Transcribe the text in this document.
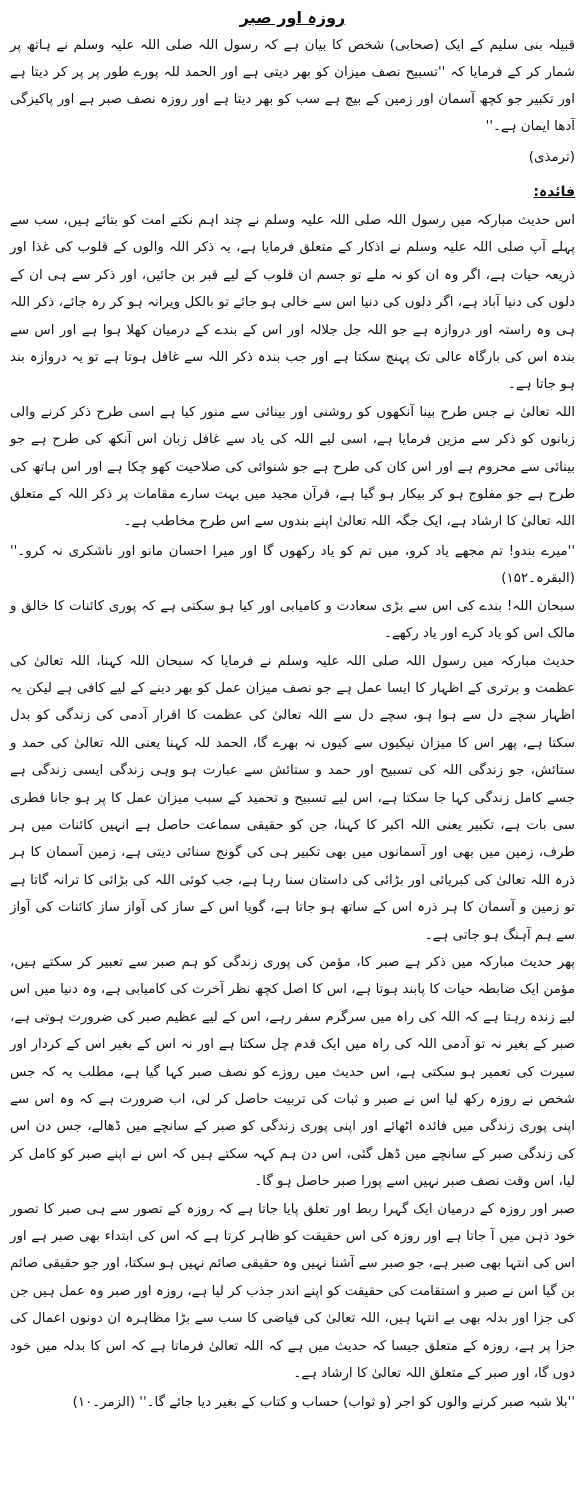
روزہ اور صبر

قبیلہ بنی سلیم کے ایک (صحابی) شخص کا بیان ہے کہ رسول اللہ صلی اللہ علیہ وسلم نے ہاتھ پر شمار کر کے فرمایا کہ ''تسبیح نصف میزان کو بھر دیتی ہے اور الحمد للہ پورے طور پر پر کر دیتا ہے اور تکبیر جو کچھ آسمان اور زمین کے بیچ ہے سب کو بھر دیتا ہے اور روزہ نصف صبر ہے اور پاکیزگی آدھا ایمان ہے۔''

(ترمذی)

فائدہ:

اس حدیث مبارکہ میں رسول اللہ صلی اللہ علیہ وسلم نے چند اہم نکتے امت کو بتائے ہیں، سب سے پہلے آپ صلی اللہ علیہ وسلم نے اذکار کے متعلق فرمایا ہے، یہ ذکر اللہ والوں کے قلوب کی غذا اور ذریعہ حیات ہے، اگر وہ ان کو نہ ملے تو جسم ان قلوب کے لیے قبر بن جائیں، اور ذکر سے ہی ان کے دلوں کی دنیا آباد ہے، اگر دلوں کی دنیا اس سے خالی ہو جائے تو بالکل ویرانہ ہو کر رہ جائے، ذکر اللہ ہی وہ راستہ اور دروازہ ہے جو اللہ جل جلالہ اور اس کے بندے کے درمیان کھلا ہوا ہے اور اس سے بندہ اس کی بارگاہ عالی تک پہنچ سکتا ہے اور جب بندہ ذکر اللہ سے غافل ہوتا ہے تو یہ دروازہ بند ہو جاتا ہے۔

اللہ تعالیٰ نے جس طرح بینا آنکھوں کو روشنی اور بینائی سے منور کیا ہے اسی طرح ذکر کرنے والی زبانوں کو ذکر سے مزین فرمایا ہے، اسی لیے اللہ کی یاد سے غافل زبان اس آنکھ کی طرح ہے جو بینائی سے محروم ہے اور اس کان کی طرح ہے جو شنوائی کی صلاحیت کھو چکا ہے اور اس ہاتھ کی طرح ہے جو مفلوج ہو کر بیکار ہو گیا ہے، قرآن مجید میں بہت سارے مقامات پر ذکر اللہ کے متعلق اللہ تعالیٰ کا ارشاد ہے، ایک جگہ اللہ تعالیٰ اپنے بندوں سے اس طرح مخاطب ہے۔

''میرے بندو! تم مجھے یاد کرو، میں تم کو یاد رکھوں گا اور میرا احسان مانو اور ناشکری نہ کرو۔'' (البقرہ۔۱۵۲)

سبحان اللہ! بندے کی اس سے بڑی سعادت و کامیابی اور کیا ہو سکتی ہے کہ پوری کائنات کا خالق و مالک اس کو یاد کرے اور یاد رکھے۔

حدیث مبارکہ میں رسول اللہ صلی اللہ علیہ وسلم نے فرمایا کہ سبحان اللہ کہنا، اللہ تعالیٰ کی عظمت و برتری کے اظہار کا ایسا عمل ہے جو نصف میزان عمل کو بھر دینے کے لیے کافی ہے لیکن یہ اظہار سچے دل سے ہوا ہو، سچے دل سے اللہ تعالیٰ کی عظمت کا اقرار آدمی کی زندگی کو بدل سکتا ہے، پھر اس کا میزان نیکیوں سے کیوں نہ بھرے گا، الحمد للہ کہنا یعنی اللہ تعالیٰ کی حمد و ستائش، جو زندگی اللہ کی تسبیح اور حمد و ستائش سے عبارت ہو وہی زندگی ایسی زندگی ہے جسے کامل زندگی کہا جا سکتا ہے، اس لیے تسبیح و تحمید کے سبب میزان عمل کا پر ہو جانا فطری سی بات ہے، تکبیر یعنی اللہ اکبر کا کہنا، جن کو حقیقی سماعت حاصل ہے انہیں کائنات میں ہر طرف، زمین میں بھی اور آسمانوں میں بھی تکبیر ہی کی گونج سنائی دیتی ہے، زمین آسمان کا ہر ذرہ اللہ تعالیٰ کی کبریائی اور بڑائی کی داستان سنا رہا ہے، جب کوئی اللہ کی بڑائی کا ترانہ گاتا ہے تو زمین و آسمان کا ہر ذرہ اس کے ساتھ ہو جاتا ہے، گویا اس کے ساز کی آواز ساز کائنات کی آواز سے ہم آہنگ ہو جاتی ہے۔

پھر حدیث مبارکہ میں ذکر ہے صبر کا، مؤمن کی پوری زندگی کو ہم صبر سے تعبیر کر سکتے ہیں، مؤمن ایک ضابطہ حیات کا پابند ہوتا ہے، اس کا اصل کچھ نظر آخرت کی کامیابی ہے، وہ دنیا میں اس لیے زندہ رہتا ہے کہ اللہ کی راہ میں سرگرم سفر رہے، اس کے لیے عظیم صبر کی ضرورت ہوتی ہے، صبر کے بغیر نہ تو آدمی اللہ کی راہ میں ایک قدم چل سکتا ہے اور نہ اس کے بغیر اس کے کردار اور سیرت کی تعمیر ہو سکتی ہے، اس حدیث میں روزے کو نصف صبر کہا گیا ہے، مطلب یہ کہ جس شخص نے روزہ رکھ لیا اس نے صبر و ثبات کی تربیت حاصل کر لی، اب ضرورت ہے کہ وہ اس سے اپنی پوری زندگی میں فائدہ اٹھائے اور اپنی پوری زندگی کو صبر کے سانچے میں ڈھالے، جس دن اس کی زندگی صبر کے سانچے میں ڈھل گئی، اس دن ہم کہہ سکتے ہیں کہ اس نے اپنے صبر کو کامل کر لیا، اس وقت نصف صبر نہیں اسے پورا صبر حاصل ہو گا۔

صبر اور روزہ کے درمیان ایک گہرا ربط اور تعلق پایا جاتا ہے کہ روزہ کے تصور سے ہی صبر کا تصور خود ذہن میں آ جاتا ہے اور روزہ کی اس حقیقت کو ظاہر کرتا ہے کہ اس کی ابتداء بھی صبر ہے اور اس کی انتہا بھی صبر ہے، جو صبر سے آشنا نہیں وہ حقیقی صائم نہیں ہو سکتا، اور جو حقیقی صائم بن گیا اس نے صبر و استقامت کی حقیقت کو اپنے اندر جذب کر لیا ہے، روزہ اور صبر وہ عمل ہیں جن کی جزا اور بدلہ بھی بے انتہا ہیں، اللہ تعالیٰ کی فیاضی کا سب سے بڑا مظاہرہ ان دونوں اعمال کی جزا پر ہے، روزہ کے متعلق جیسا کہ حدیث میں ہے کہ اللہ تعالیٰ فرماتا ہے کہ اس کا بدلہ میں خود دوں گا، اور صبر کے متعلق اللہ تعالیٰ کا ارشاد ہے۔

''بلا شبہ صبر کرنے والوں کو اجر (و ثواب) حساب و کتاب کے بغیر دیا جائے گا۔'' (الزمر۔۱۰)
